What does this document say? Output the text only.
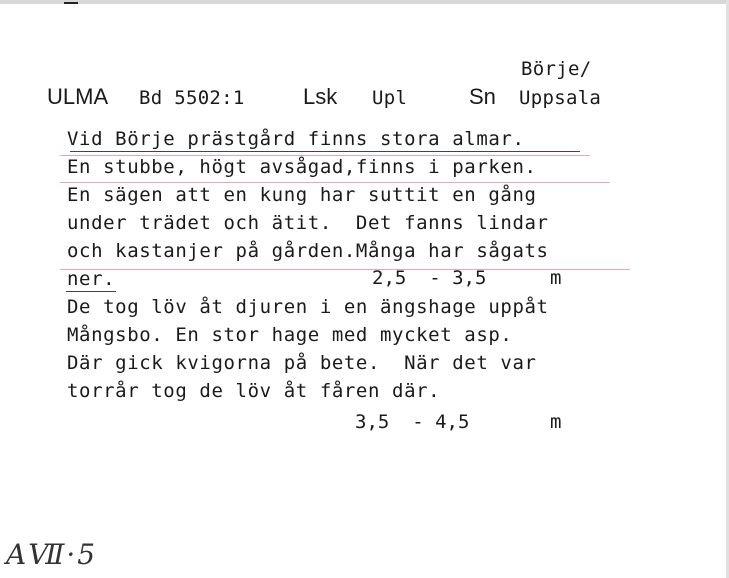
Börje/
ULMA Bd 5502:1	Lsk Upl	Sn Uppsala
Vid Börje prästgård finns stora almar.
En stubbe, högt avsågad,finns i parken.
En sägen att en kung har suttit en gång
under trädet och ätit.  Det fanns lindar
och kastanjer på gården.Många har sågats
ner.	2,5  - 3,5	m
De tog löv åt djuren i en ängshage uppåt
Mångsbo. En stor hage med mycket asp.
Där gick kvigorna på bete.  När det var
torrår tog de löv åt fåren där.
3,5  - 4,5	m
AⅦ·5
